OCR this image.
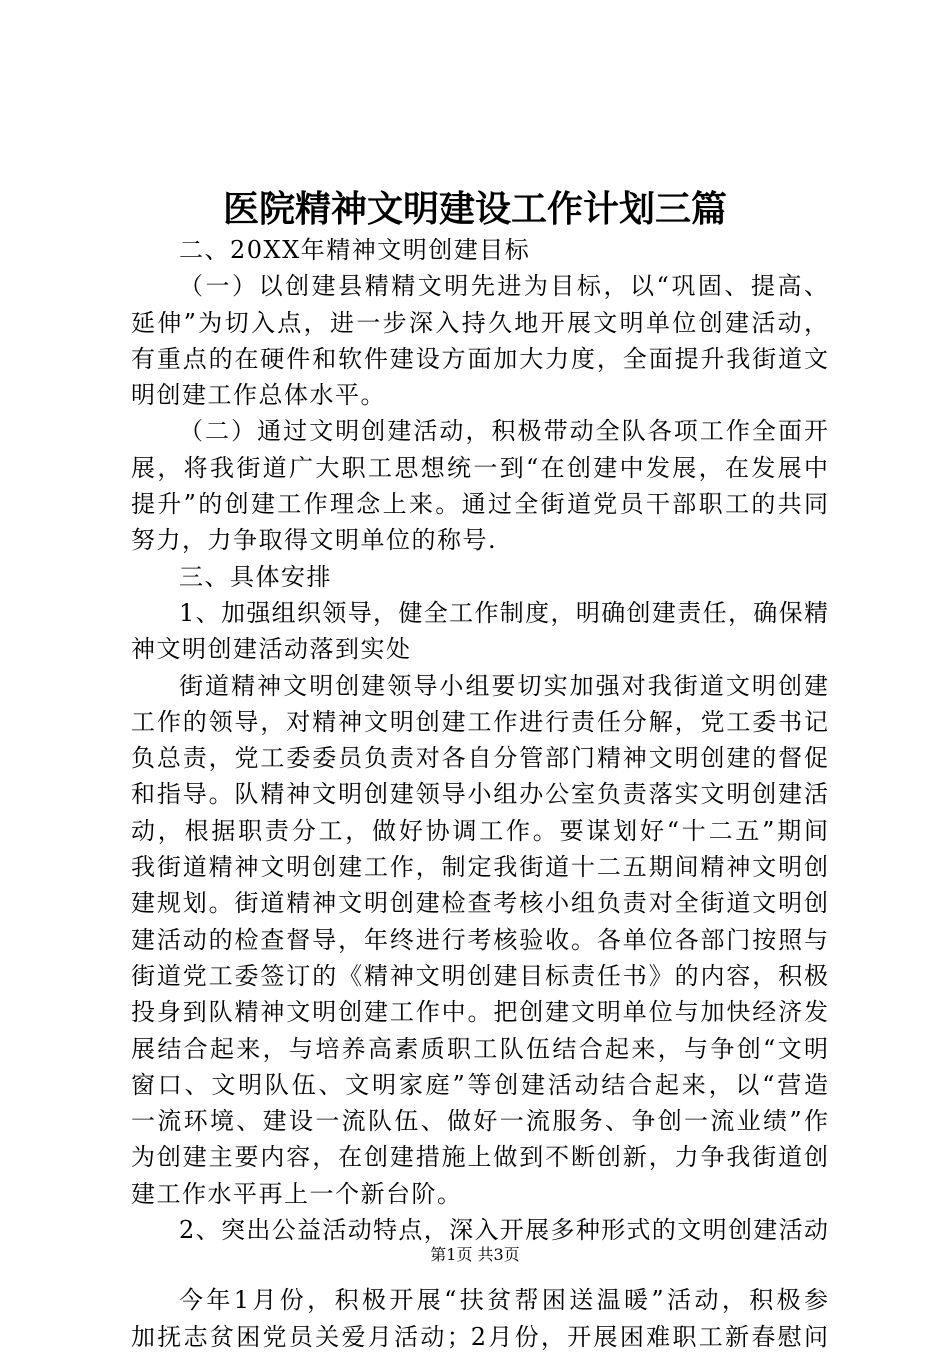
医院精神文明建设工作计划三篇
二、20XX年精神文明创建目标
（一）以创建县精精文明先进为目标，以“巩固、提高、
延伸”为切入点，进一步深入持久地开展文明单位创建活动，
有重点的在硬件和软件建设方面加大力度，全面提升我街道文
明创建工作总体水平。
（二）通过文明创建活动，积极带动全队各项工作全面开
展，将我街道广大职工思想统一到“在创建中发展，在发展中
提升”的创建工作理念上来。通过全街道党员干部职工的共同
努力，力争取得文明单位的称号.
三、具体安排
1、加强组织领导，健全工作制度，明确创建责任，确保精
神文明创建活动落到实处
街道精神文明创建领导小组要切实加强对我街道文明创建
工作的领导，对精神文明创建工作进行责任分解，党工委书记
负总责，党工委委员负责对各自分管部门精神文明创建的督促
和指导。队精神文明创建领导小组办公室负责落实文明创建活
动，根据职责分工，做好协调工作。要谋划好“十二五”期间
我街道精神文明创建工作，制定我街道十二五期间精神文明创
建规划。街道精神文明创建检查考核小组负责对全街道文明创
建活动的检查督导，年终进行考核验收。各单位各部门按照与
街道党工委签订的《精神文明创建目标责任书》的内容，积极
投身到队精神文明创建工作中。把创建文明单位与加快经济发
展结合起来，与培养高素质职工队伍结合起来，与争创“文明
窗口、文明队伍、文明家庭”等创建活动结合起来，以“营造
一流环境、建设一流队伍、做好一流服务、争创一流业绩”作
为创建主要内容，在创建措施上做到不断创新，力争我街道创
建工作水平再上一个新台阶。
2、突出公益活动特点，深入开展多种形式的文明创建活动
今年1月份，积极开展“扶贫帮困送温暖”活动，积极参
加抚志贫困党员关爱月活动；2月份，开展困难职工新春慰问
第1页 共3页
